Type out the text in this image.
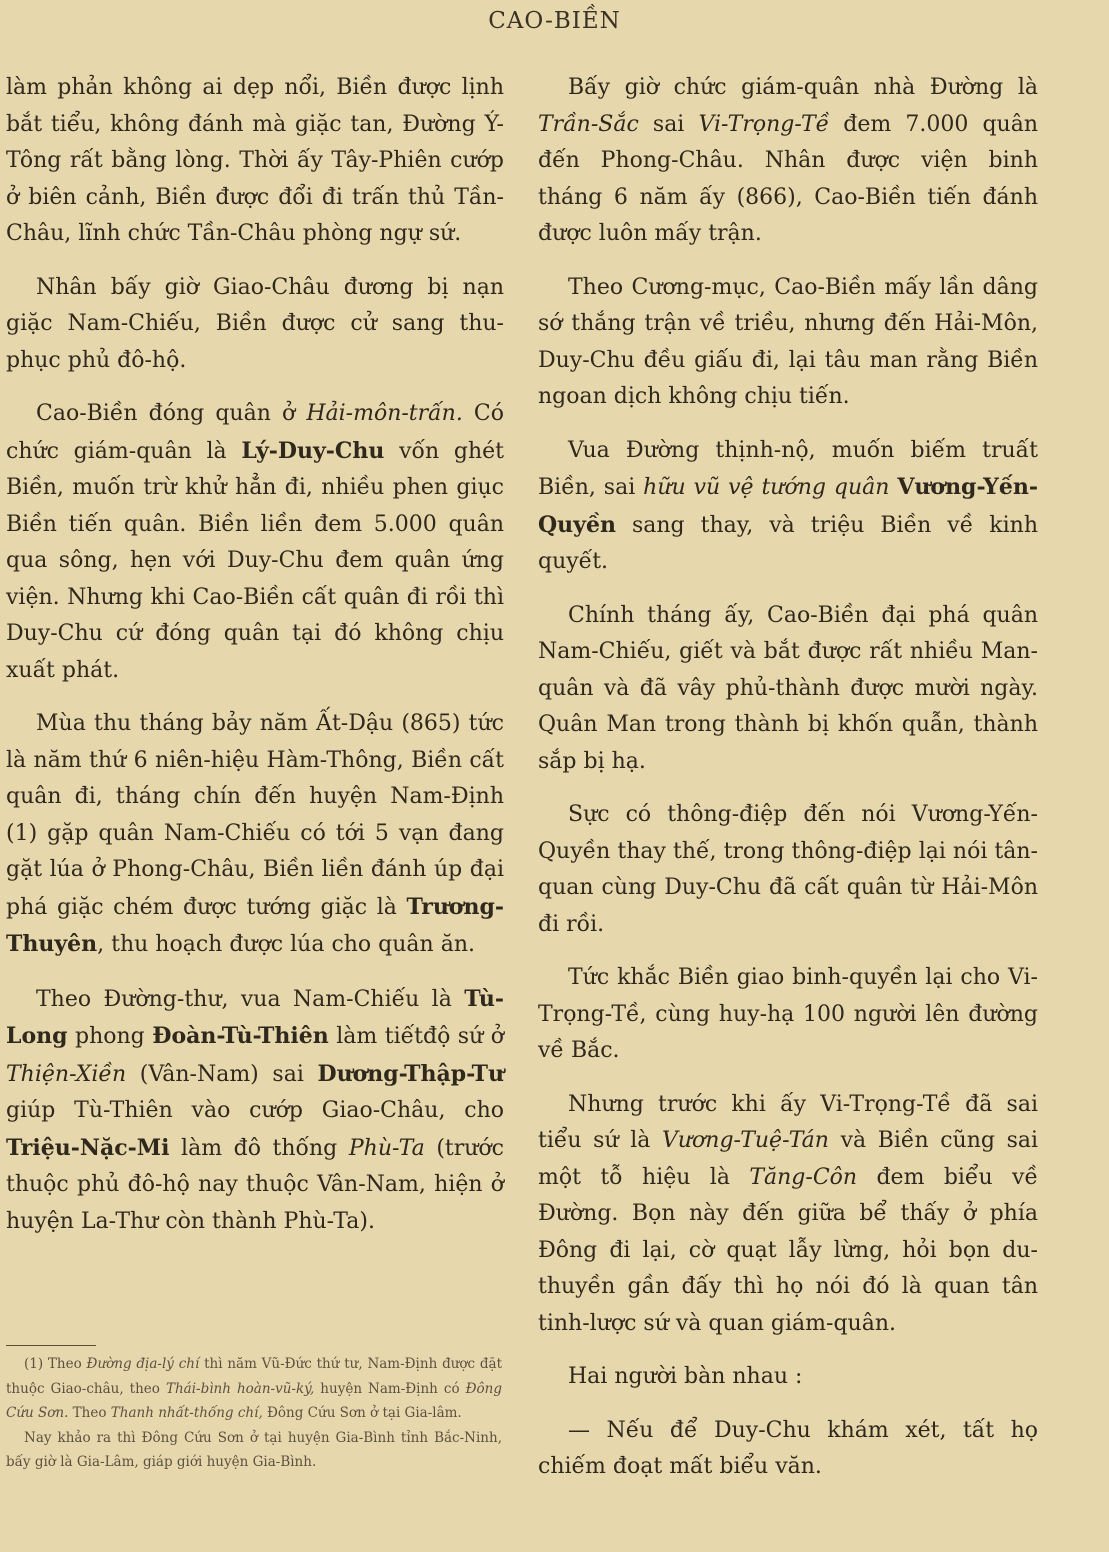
CAO-BIỀN

làm phản không ai dẹp nổi, Biền được lịnh bắt tiểu, không đánh mà giặc tan, Đường Ý-Tông rất bằng lòng. Thời ấy Tây-Phiên cướp ở biên cảnh, Biền được đổi đi trấn thủ Tần-Châu, lĩnh chức Tần-Châu phòng ngự sứ.

Nhân bấy giờ Giao-Châu đương bị nạn giặc Nam-Chiếu, Biền được cử sang thu-phục phủ đô-hộ.

Cao-Biền đóng quân ở Hải-môn-trấn. Có chức giám-quân là Lý-Duy-Chu vốn ghét Biền, muốn trừ khử hẳn đi, nhiều phen giục Biền tiến quân. Biền liền đem 5.000 quân qua sông, hẹn với Duy-Chu đem quân ứng viện. Nhưng khi Cao-Biền cất quân đi rồi thì Duy-Chu cứ đóng quân tại đó không chịu xuất phát.

Mùa thu tháng bảy năm Ất-Dậu (865) tức là năm thứ 6 niên-hiệu Hàm-Thông, Biền cất quân đi, tháng chín đến huyện Nam-Định (1) gặp quân Nam-Chiếu có tới 5 vạn đang gặt lúa ở Phong-Châu, Biền liền đánh úp đại phá giặc chém được tướng giặc là Trương-Thuyên, thu hoạch được lúa cho quân ăn.

Theo Đường-thư, vua Nam-Chiếu là Tù-Long phong Đoàn-Tù-Thiên làm tiếtđộ sứ ở Thiện-Xiền (Vân-Nam) sai Dương-Thập-Tư giúp Tù-Thiên vào cướp Giao-Châu, cho Triệu-Nặc-Mi làm đô thống Phù-Ta (trước thuộc phủ đô-hộ nay thuộc Vân-Nam, hiện ở huyện La-Thư còn thành Phù-Ta).

(1) Theo Đường địa-lý chí thì năm Vũ-Đức thứ tư, Nam-Định được đặt thuộc Giao-châu, theo Thái-bình hoàn-vũ-ký, huyện Nam-Định có Đông Cứu Sơn. Theo Thanh nhất-thống chí, Đông Cứu Sơn ở tại Gia-lâm.

Nay khảo ra thì Đông Cứu Sơn ở tại huyện Gia-Bình tỉnh Bắc-Ninh, bấy giờ là Gia-Lâm, giáp giới huyện Gia-Bình.

Bấy giờ chức giám-quân nhà Đường là Trần-Sắc sai Vi-Trọng-Tề đem 7.000 quân đến Phong-Châu. Nhân được viện binh tháng 6 năm ấy (866), Cao-Biền tiến đánh được luôn mấy trận.

Theo Cương-mục, Cao-Biền mấy lần dâng sớ thắng trận về triều, nhưng đến Hải-Môn, Duy-Chu đều giấu đi, lại tâu man rằng Biền ngoan dịch không chịu tiến.

Vua Đường thịnh-nộ, muốn biếm truất Biền, sai hữu vũ vệ tướng quân Vương-Yến-Quyền sang thay, và triệu Biền về kinh quyết.

Chính tháng ấy, Cao-Biền đại phá quân Nam-Chiếu, giết và bắt được rất nhiều Man-quân và đã vây phủ-thành được mười ngày. Quân Man trong thành bị khốn quẫn, thành sắp bị hạ.

Sực có thông-điệp đến nói Vương-Yến-Quyền thay thế, trong thông-điệp lại nói tân-quan cùng Duy-Chu đã cất quân từ Hải-Môn đi rồi.

Tức khắc Biền giao binh-quyền lại cho Vi-Trọng-Tề, cùng huy-hạ 100 người lên đường về Bắc.

Nhưng trước khi ấy Vi-Trọng-Tề đã sai tiểu sứ là Vương-Tuệ-Tán và Biền cũng sai một tỗ hiệu là Tăng-Côn đem biểu về Đường. Bọn này đến giữa bể thấy ở phía Đông đi lại, cờ quạt lẫy lừng, hỏi bọn du-thuyền gần đấy thì họ nói đó là quan tân tinh-lược sứ và quan giám-quân.

Hai người bàn nhau :

— Nếu để Duy-Chu khám xét, tất họ chiếm đoạt mất biểu văn.
